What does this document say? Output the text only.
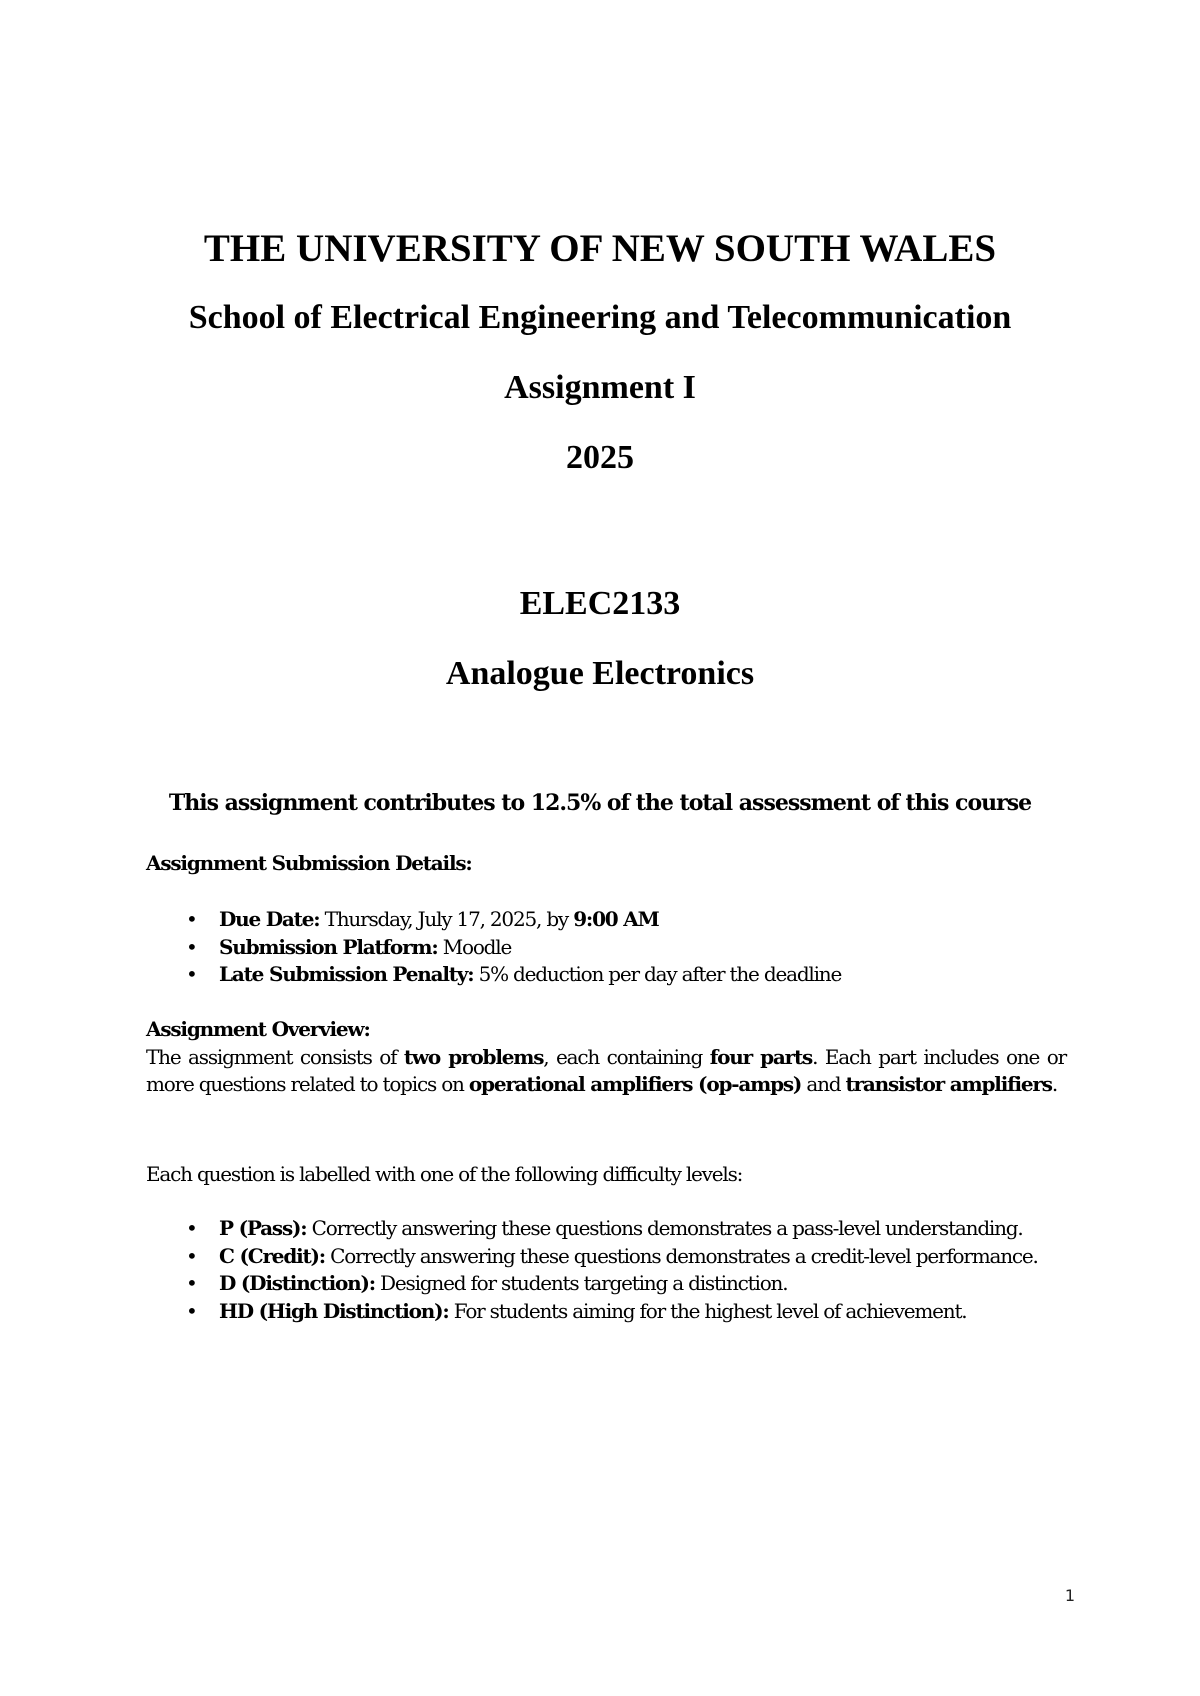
THE UNIVERSITY OF NEW SOUTH WALES
School of Electrical Engineering and Telecommunication
Assignment I
2025
ELEC2133
Analogue Electronics
This assignment contributes to 12.5% of the total assessment of this course
Assignment Submission Details:
• Due Date: Thursday, July 17, 2025, by 9:00 AM
• Submission Platform: Moodle
• Late Submission Penalty: 5% deduction per day after the deadline
Assignment Overview:
The assignment consists of two problems, each containing four parts. Each part includes one or more questions related to topics on operational amplifiers (op-amps) and transistor amplifiers.
Each question is labelled with one of the following difficulty levels:
• P (Pass): Correctly answering these questions demonstrates a pass-level understanding.
• C (Credit): Correctly answering these questions demonstrates a credit-level performance.
• D (Distinction): Designed for students targeting a distinction.
• HD (High Distinction): For students aiming for the highest level of achievement.
1
